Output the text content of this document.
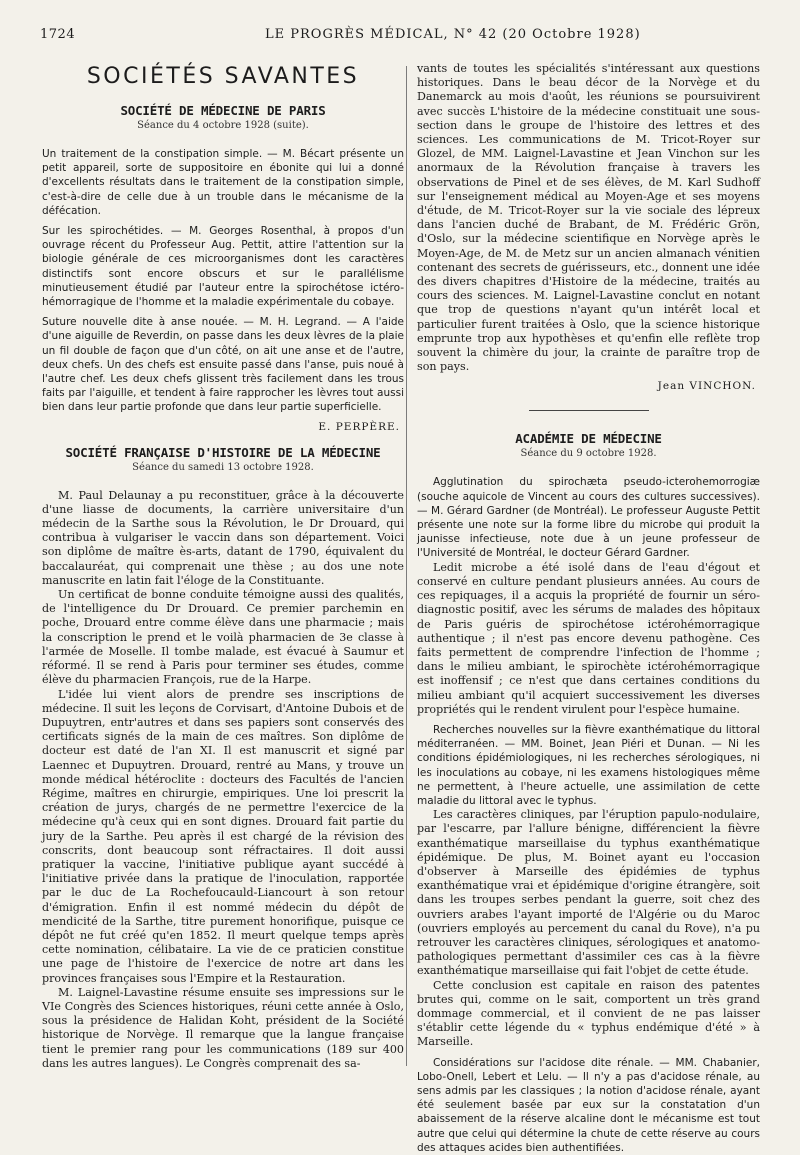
1724	LE PROGRÈS MÉDICAL, N° 42 (20 Octobre 1928)
SOCIÉTÉS SAVANTES
SOCIÉTÉ DE MÉDECINE DE PARIS
Séance du 4 octobre 1928 (suite).

Un traitement de la constipation simple. — M. Bécart présente un petit appareil, sorte de suppositoire en ébonite qui lui a donné d'excellents résultats dans le traitement de la constipation simple, c'est-à-dire de celle due à un trouble dans le mécanisme de la défécation.

Sur les spirochétides. — M. Georges Rosenthal, à propos d'un ouvrage récent du Professeur Aug. Pettit, attire l'attention sur la biologie générale de ces microorganismes dont les caractères distinctifs sont encore obscurs et sur le parallélisme minutieusement étudié par l'auteur entre la spirochétose ictéro-hémorragique de l'homme et la maladie expérimentale du cobaye.

Suture nouvelle dite à anse nouée. — M. H. Legrand. — A l'aide d'une aiguille de Reverdin, on passe dans les deux lèvres de la plaie un fil double de façon que d'un côté, on ait une anse et de l'autre, deux chefs. Un des chefs est ensuite passé dans l'anse, puis noué à l'autre chef. Les deux chefs glissent très facilement dans les trous faits par l'aiguille, et tendent à faire rapprocher les lèvres tout aussi bien dans leur partie profonde que dans leur partie superficielle.

E. PERPÈRE.
SOCIÉTÉ FRANÇAISE D'HISTOIRE DE LA MÉDECINE
Séance du samedi 13 octobre 1928.

M. Paul Delaunay a pu reconstituer, grâce à la découverte d'une liasse de documents, la carrière universitaire d'un médecin de la Sarthe sous la Révolution, le Dr Drouard, qui contribua à vulgariser le vaccin dans son département. Voici son diplôme de maître ès-arts, datant de 1790, équivalent du baccalauréat, qui comprenait une thèse ; au dos une note manuscrite en latin fait l'éloge de la Constituante.

Un certificat de bonne conduite témoigne aussi des qualités, de l'intelligence du Dr Drouard. Ce premier parchemin en poche, Drouard entre comme élève dans une pharmacie ; mais la conscription le prend et le voilà pharmacien de 3e classe à l'armée de Moselle. Il tombe malade, est évacué à Saumur et réformé. Il se rend à Paris pour terminer ses études, comme élève du pharmacien François, rue de la Harpe.

L'idée lui vient alors de prendre ses inscriptions de médecine. Il suit les leçons de Corvisart, d'Antoine Dubois et de Dupuytren, entr'autres et dans ses papiers sont conservés des certificats signés de la main de ces maîtres. Son diplôme de docteur est daté de l'an XI. Il est manuscrit et signé par Laennec et Dupuytren. Drouard, rentré au Mans, y trouve un monde médical hétéroclite : docteurs des Facultés de l'ancien Régime, maîtres en chirurgie, empiriques. Une loi prescrit la création de jurys, chargés de ne permettre l'exercice de la médecine qu'à ceux qui en sont dignes. Drouard fait partie du jury de la Sarthe. Peu après il est chargé de la révision des conscrits, dont beaucoup sont réfractaires. Il doit aussi pratiquer la vaccine, l'initiative publique ayant succédé à l'initiative privée dans la pratique de l'inoculation, rapportée par le duc de La Rochefoucauld-Liancourt à son retour d'émigration. Enfin il est nommé médecin du dépôt de mendicité de la Sarthe, titre purement honorifique, puisque ce dépôt ne fut créé qu'en 1852. Il meurt quelque temps après cette nomination, célibataire. La vie de ce praticien constitue une page de l'histoire de l'exercice de notre art dans les provinces françaises sous l'Empire et la Restauration.

M. Laignel-Lavastine résume ensuite ses impressions sur le VIe Congrès des Sciences historiques, réuni cette année à Oslo, sous la présidence de Halidan Koht, président de la Société historique de Norvège. Il remarque que la langue française tient le premier rang pour les communications (189 sur 400 dans les autres langues). Le Congrès comprenait des sa-

vants de toutes les spécialités s'intéressant aux questions historiques. Dans le beau décor de la Norvège et du Danemarck au mois d'août, les réunions se poursuivirent avec succès L'histoire de la médecine constituait une sous-section dans le groupe de l'histoire des lettres et des sciences. Les communications de M. Tricot-Royer sur Glozel, de MM. Laignel-Lavastine et Jean Vinchon sur les anormaux de la Révolution française à travers les observations de Pinel et de ses élèves, de M. Karl Sudhoff sur l'enseignement médical au Moyen-Age et ses moyens d'étude, de M. Tricot-Royer sur la vie sociale des lépreux dans l'ancien duché de Brabant, de M. Frédéric Grön, d'Oslo, sur la médecine scientifique en Norvège après le Moyen-Age, de M. de Metz sur un ancien almanach vénitien contenant des secrets de guérisseurs, etc., donnent une idée des divers chapitres d'Histoire de la médecine, traités au cours des sciences. M. Laignel-Lavastine conclut en notant que trop de questions n'ayant qu'un intérêt local et particulier furent traitées à Oslo, que la science historique emprunte trop aux hypothèses et qu'enfin elle reflète trop souvent la chimère du jour, la crainte de paraître trop de son pays.

Jean VINCHON.
ACADÉMIE DE MÉDECINE
Séance du 9 octobre 1928.

Agglutination du spirochæta pseudo-icterohemorrogiæ (souche aquicole de Vincent au cours des cultures successives). — M. Gérard Gardner (de Montréal). Le professeur Auguste Pettit présente une note sur la forme libre du microbe qui produit la jaunisse infectieuse, note due à un jeune professeur de l'Université de Montréal, le docteur Gérard Gardner.

Ledit microbe a été isolé dans de l'eau d'égout et conservé en culture pendant plusieurs années. Au cours de ces repiquages, il a acquis la propriété de fournir un séro-diagnostic positif, avec les sérums de malades des hôpitaux de Paris guéris de spirochétose ictérohémorragique authentique ; il n'est pas encore devenu pathogène. Ces faits permettent de comprendre l'infection de l'homme ; dans le milieu ambiant, le spirochète ictérohémorragique est inoffensif ; ce n'est que dans certaines conditions du milieu ambiant qu'il acquiert successivement les diverses propriétés qui le rendent virulent pour l'espèce humaine.

Recherches nouvelles sur la fièvre exanthématique du littoral méditerranéen. — MM. Boinet, Jean Piéri et Dunan. — Ni les conditions épidémiologiques, ni les recherches sérologiques, ni les inoculations au cobaye, ni les examens histologiques même ne permettent, à l'heure actuelle, une assimilation de cette maladie du littoral avec le typhus.

Les caractères cliniques, par l'éruption papulo-nodulaire, par l'escarre, par l'allure bénigne, différencient la fièvre exanthématique marseillaise du typhus exanthématique épidémique. De plus, M. Boinet ayant eu l'occasion d'observer à Marseille des épidémies de typhus exanthématique vrai et épidémique d'origine étrangère, soit dans les troupes serbes pendant la guerre, soit chez des ouvriers arabes l'ayant importé de l'Algérie ou du Maroc (ouvriers employés au percement du canal du Rove), n'a pu retrouver les caractères cliniques, sérologiques et anatomo-pathologiques permettant d'assimiler ces cas à la fièvre exanthématique marseillaise qui fait l'objet de cette étude.

Cette conclusion est capitale en raison des patentes brutes qui, comme on le sait, comportent un très grand dommage commercial, et il convient de ne pas laisser s'établir cette légende du « typhus endémique d'été » à Marseille.

Considérations sur l'acidose dite rénale. — MM. Chabanier, Lobo-Onell, Lebert et Lelu. — Il n'y a pas d'acidose rénale, au sens admis par les classiques ; la notion d'acidose rénale, ayant été seulement basée par eux sur la constatation d'un abaissement de la réserve alcaline dont le mécanisme est tout autre que celui qui détermine la chute de cette réserve au cours des attaques acides bien authentifiées.
